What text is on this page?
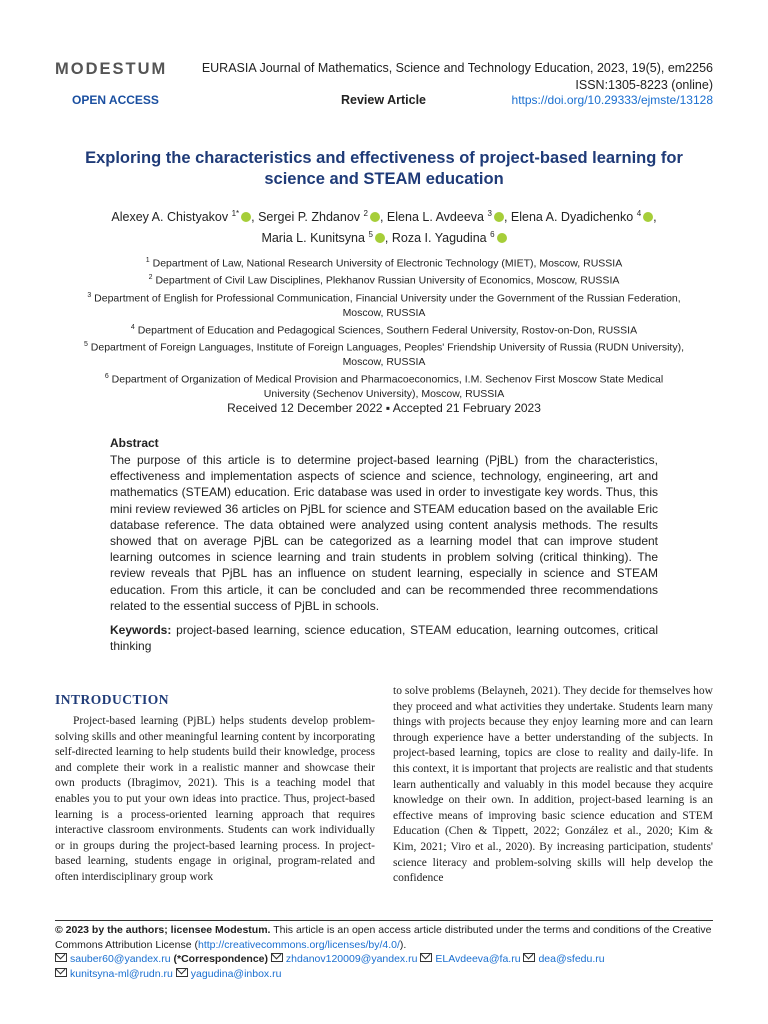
MODESTUM	EURASIA Journal of Mathematics, Science and Technology Education, 2023, 19(5), em2256
ISSN:1305-8223 (online)
OPEN ACCESS	Review Article	https://doi.org/10.29333/ejmste/13128
Exploring the characteristics and effectiveness of project-based learning for
science and STEAM education
Alexey A. Chistyakov $^{1*}$ , Sergei P. Zhdanov $^2$ , Elena L. Avdeeva $^3$ , Elena A. Dyadichenko $^4$ ,
Maria L. Kunitsyna $^5$ , Roza I. Yagudina $^6$
$^1$ Department of Law, National Research University of Electronic Technology (MIET), Moscow, RUSSIA
$^2$ Department of Civil Law Disciplines, Plekhanov Russian University of Economics, Moscow, RUSSIA
$^3$ Department of English for Professional Communication, Financial University under the Government of the Russian Federation,
Moscow, RUSSIA
$^4$ Department of Education and Pedagogical Sciences, Southern Federal University, Rostov-on-Don, RUSSIA
$^5$ Department of Foreign Languages, Institute of Foreign Languages, Peoples' Friendship University of Russia (RUDN University),
Moscow, RUSSIA
$^6$ Department of Organization of Medical Provision and Pharmacoeconomics, I.M. Sechenov First Moscow State Medical
University (Sechenov University), Moscow, RUSSIA
Received 12 December 2022 ▪ Accepted 21 February 2023
Abstract
The purpose of this article is to determine project-based learning (PjBL) from the characteristics, effectiveness and implementation aspects of science and science, technology, engineering, art and mathematics (STEAM) education. Eric database was used in order to investigate key words. Thus, this mini review reviewed 36 articles on PjBL for science and STEAM education based on the available Eric database reference. The data obtained were analyzed using content analysis methods. The results showed that on average PjBL can be categorized as a learning model that can improve student learning outcomes in science learning and train students in problem solving (critical thinking). The review reveals that PjBL has an influence on student learning, especially in science and STEAM education. From this article, it can be concluded and can be recommended three recommendations related to the essential success of PjBL in schools.
Keywords: project-based learning, science education, STEAM education, learning outcomes, critical thinking
INTRODUCTION
Project-based learning (PjBL) helps students develop problem-solving skills and other meaningful learning content by incorporating self-directed learning to help students build their knowledge, process and complete their work in a realistic manner and showcase their own products (Ibragimov, 2021). This is a teaching model that enables you to put your own ideas into practice. Thus, project-based learning is a process-oriented learning approach that requires interactive classroom environments. Students can work individually or in groups during the project-based learning process. In project-based learning, students engage in original, program-related and often interdisciplinary group work
to solve problems (Belayneh, 2021). They decide for themselves how they proceed and what activities they undertake. Students learn many things with projects because they enjoy learning more and can learn through experience have a better understanding of the subjects. In project-based learning, topics are close to reality and daily-life. In this context, it is important that projects are realistic and that students learn authentically and valuably in this model because they acquire knowledge on their own. In addition, project-based learning is an effective means of improving basic science education and STEM Education (Chen & Tippett, 2022; González et al., 2020; Kim & Kim, 2021; Viro et al., 2020). By increasing participation, students' science literacy and problem-solving skills will help develop the confidence
© 2023 by the authors; licensee Modestum. This article is an open access article distributed under the terms and conditions of the Creative Commons Attribution License (http://creativecommons.org/licenses/by/4.0/).
sauber60@yandex.ru (*Correspondence) zhdanov120009@yandex.ru ELAvdeeva@fa.ru dea@sfedu.ru
kunitsyna-ml@rudn.ru yagudina@inbox.ru
